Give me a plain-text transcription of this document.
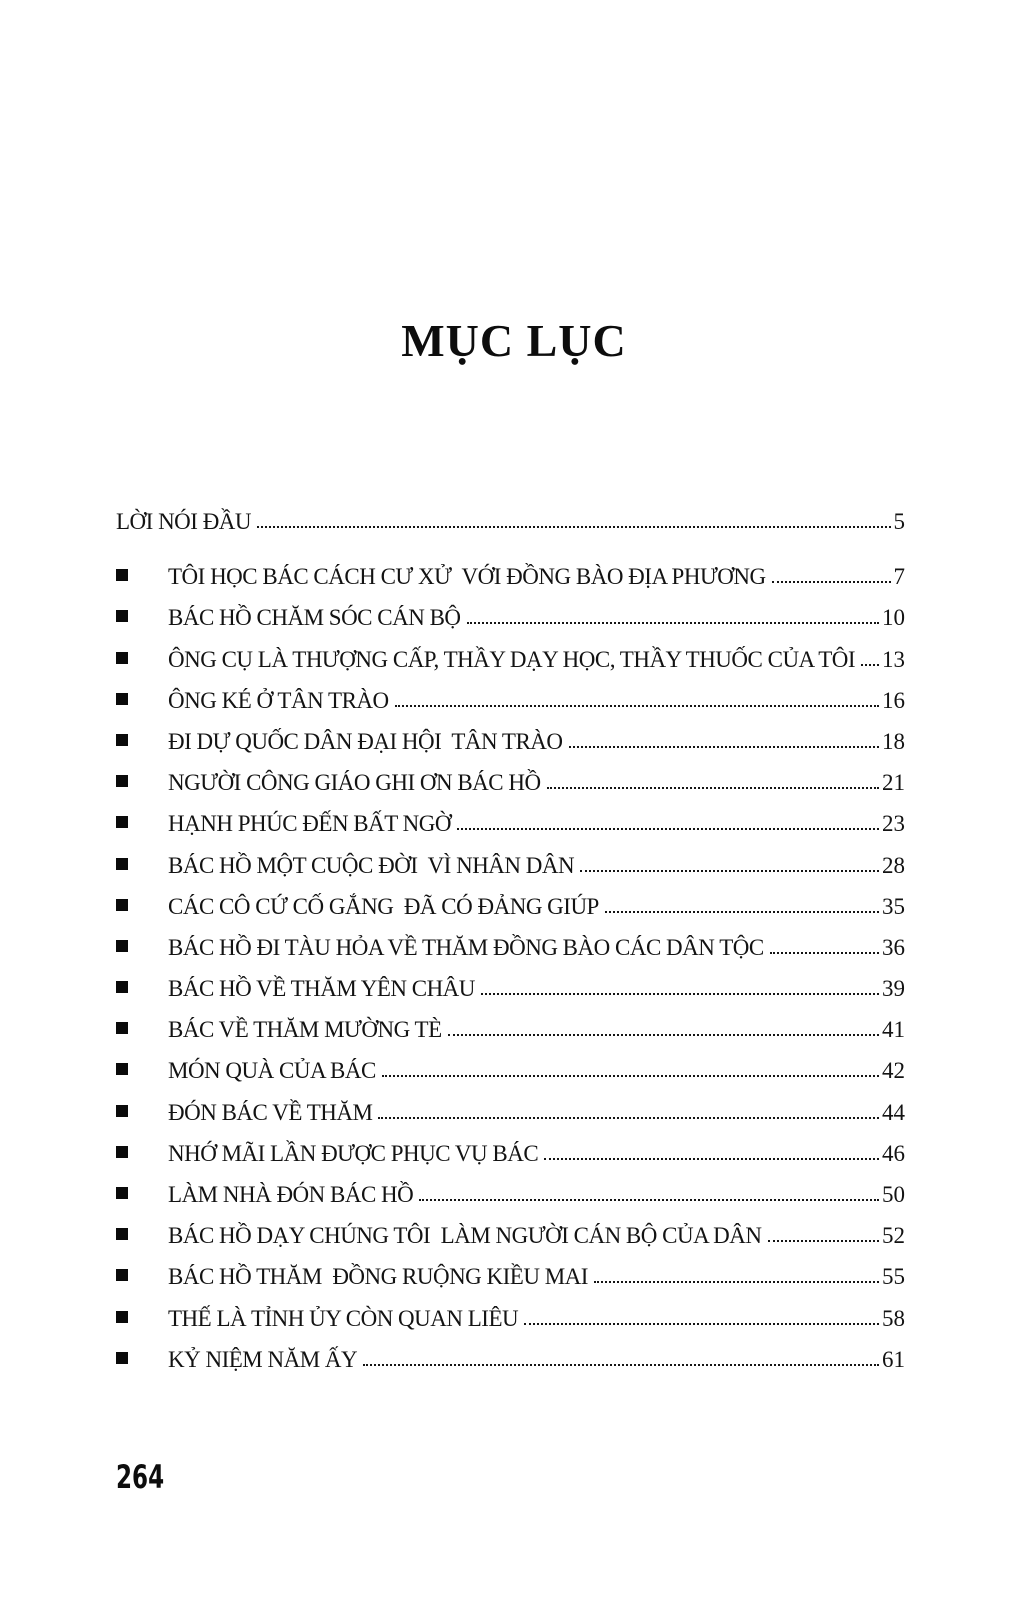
MỤC LỤC
LỜI NÓI ĐẦU	5
TÔI HỌC BÁC CÁCH CƯ XỬ  VỚI ĐỒNG BÀO ĐỊA PHƯƠNG	7
BÁC HỒ CHĂM SÓC CÁN BỘ	10
ÔNG CỤ LÀ THƯỢNG CẤP, THẦY DẠY HỌC, THẦY THUỐC CỦA TÔI 13
ÔNG KÉ Ở TÂN TRÀO	16
ĐI DỰ QUỐC DÂN ĐẠI HỘI  TÂN TRÀO	18
NGƯỜI CÔNG GIÁO GHI ƠN BÁC HỒ	21
HẠNH PHÚC ĐẾN BẤT NGỜ	23
BÁC HỒ MỘT CUỘC ĐỜI  VÌ NHÂN DÂN	28
CÁC CÔ CỨ CỐ GẮNG  ĐÃ CÓ ĐẢNG GIÚP	35
BÁC HỒ ĐI TÀU HỎA VỀ THĂM ĐỒNG BÀO CÁC DÂN TỘC	36
BÁC HỒ VỀ THĂM YÊN CHÂU	39
BÁC VỀ THĂM MƯỜNG TÈ	41
MÓN QUÀ CỦA BÁC	42
ĐÓN BÁC VỀ THĂM	44
NHỚ MÃI LẦN ĐƯỢC PHỤC VỤ BÁC	46
LÀM NHÀ ĐÓN BÁC HỒ	50
BÁC HỒ DẠY CHÚNG TÔI  LÀM NGƯỜI CÁN BỘ CỦA DÂN	52
BÁC HỒ THĂM  ĐỒNG RUỘNG KIỀU MAI	55
THẾ LÀ TỈNH ỦY CÒN QUAN LIÊU	58
KỶ NIỆM NĂM ẤY	61
264
